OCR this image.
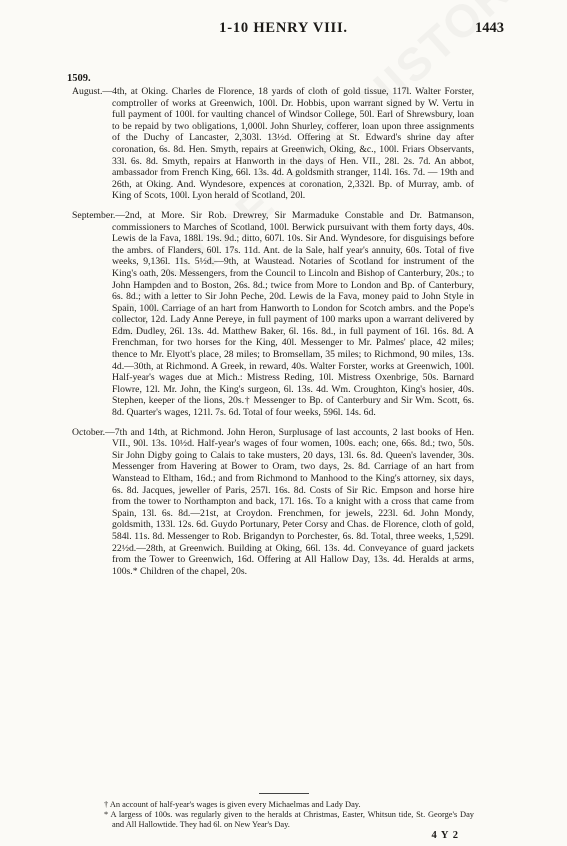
1-10 HENRY VIII.	1443
1509.

August.—4th, at Oking. Charles de Florence, 18 yards of cloth of gold tissue, 117l. Walter Forster, comptroller of works at Greenwich, 100l. Dr. Hobbis, upon warrant signed by W. Vertu in full payment of 100l. for vaulting chancel of Windsor College, 50l. Earl of Shrewsbury, loan to be repaid by two obligations, 1,000l. John Shurley, cofferer, loan upon three assignments of the Duchy of Lancaster, 2,303l. 13½d. Offering at St. Edward's shrine day after coronation, 6s. 8d. Hen. Smyth, repairs at Greenwich, Oking, &c., 100l. Friars Observants, 33l. 6s. 8d. Smyth, repairs at Hanworth in the days of Hen. VII., 28l. 2s. 7d. An abbot, ambassador from French King, 66l. 13s. 4d. A goldsmith stranger, 114l. 16s. 7d. — 19th and 26th, at Oking. And. Wyndesore, expences at coronation, 2,332l. Bp. of Murray, amb. of King of Scots, 100l. Lyon herald of Scotland, 20l.

September.—2nd, at More. Sir Rob. Drewrey, Sir Marmaduke Constable and Dr. Batmanson, commissioners to Marches of Scotland, 100l. Berwick pursuivant with them forty days, 40s. Lewis de la Fava, 188l. 19s. 9d.; ditto, 607l. 10s. Sir And. Wyndesore, for disguisings before the ambrs. of Flanders, 60l. 17s. 11d. Ant. de la Sale, half year's annuity, 60s. Total of five weeks, 9,136l. 11s. 5½d.—9th, at Waustead. Notaries of Scotland for instrument of the King's oath, 20s. Messengers, from the Council to Lincoln and Bishop of Canterbury, 20s.; to John Hampden and to Boston, 26s. 8d.; twice from More to London and Bp. of Canterbury, 6s. 8d.; with a letter to Sir John Peche, 20d. Lewis de la Fava, money paid to John Style in Spain, 100l. Carriage of an hart from Hanworth to London for Scotch ambrs. and the Pope's collector, 12d. Lady Anne Pereye, in full payment of 100 marks upon a warrant delivered by Edm. Dudley, 26l. 13s. 4d. Matthew Baker, 6l. 16s. 8d., in full payment of 16l. 16s. 8d. A Frenchman, for two horses for the King, 40l. Messenger to Mr. Palmes' place, 42 miles; thence to Mr. Elyott's place, 28 miles; to Bromsellam, 35 miles; to Richmond, 90 miles, 13s. 4d.—30th, at Richmond. A Greek, in reward, 40s. Walter Forster, works at Greenwich, 100l. Half-year's wages due at Mich.: Mistress Reding, 10l. Mistress Oxenbrige, 50s. Barnard Flowre, 12l. Mr. John, the King's surgeon, 6l. 13s. 4d. Wm. Croughton, King's hosier, 40s. Stephen, keeper of the lions, 20s.† Messenger to Bp. of Canterbury and Sir Wm. Scott, 6s. 8d. Quarter's wages, 121l. 7s. 6d. Total of four weeks, 596l. 14s. 6d.

October.—7th and 14th, at Richmond. John Heron, Surplusage of last accounts, 2 last books of Hen. VII., 90l. 13s. 10½d. Half-year's wages of four women, 100s. each; one, 66s. 8d.; two, 50s. Sir John Digby going to Calais to take musters, 20 days, 13l. 6s. 8d. Queen's lavender, 30s. Messenger from Havering at Bower to Oram, two days, 2s. 8d. Carriage of an hart from Wanstead to Eltham, 16d.; and from Richmond to Manhood to the King's attorney, six days, 6s. 8d. Jacques, jeweller of Paris, 257l. 16s. 8d. Costs of Sir Ric. Empson and horse hire from the tower to Northampton and back, 17l. 16s. To a knight with a cross that came from Spain, 13l. 6s. 8d.—21st, at Croydon. Frenchmen, for jewels, 223l. 6d. John Mondy, goldsmith, 133l. 12s. 6d. Guydo Portunary, Peter Corsy and Chas. de Florence, cloth of gold, 584l. 11s. 8d. Messenger to Rob. Brigandyn to Porchester, 6s. 8d. Total, three weeks, 1,529l. 22½d.—28th, at Greenwich. Building at Oking, 66l. 13s. 4d. Conveyance of guard jackets from the Tower to Greenwich, 16d. Offering at All Hallow Day, 13s. 4d. Heralds at arms, 100s.* Children of the chapel, 20s.

† An account of half-year's wages is given every Michaelmas and Lady Day.

* A largess of 100s. was regularly given to the heralds at Christmas, Easter, Whitsun tide, St. George's Day and All Hallowtide. They had 6l. on New Year's Day.

4 Y 2
